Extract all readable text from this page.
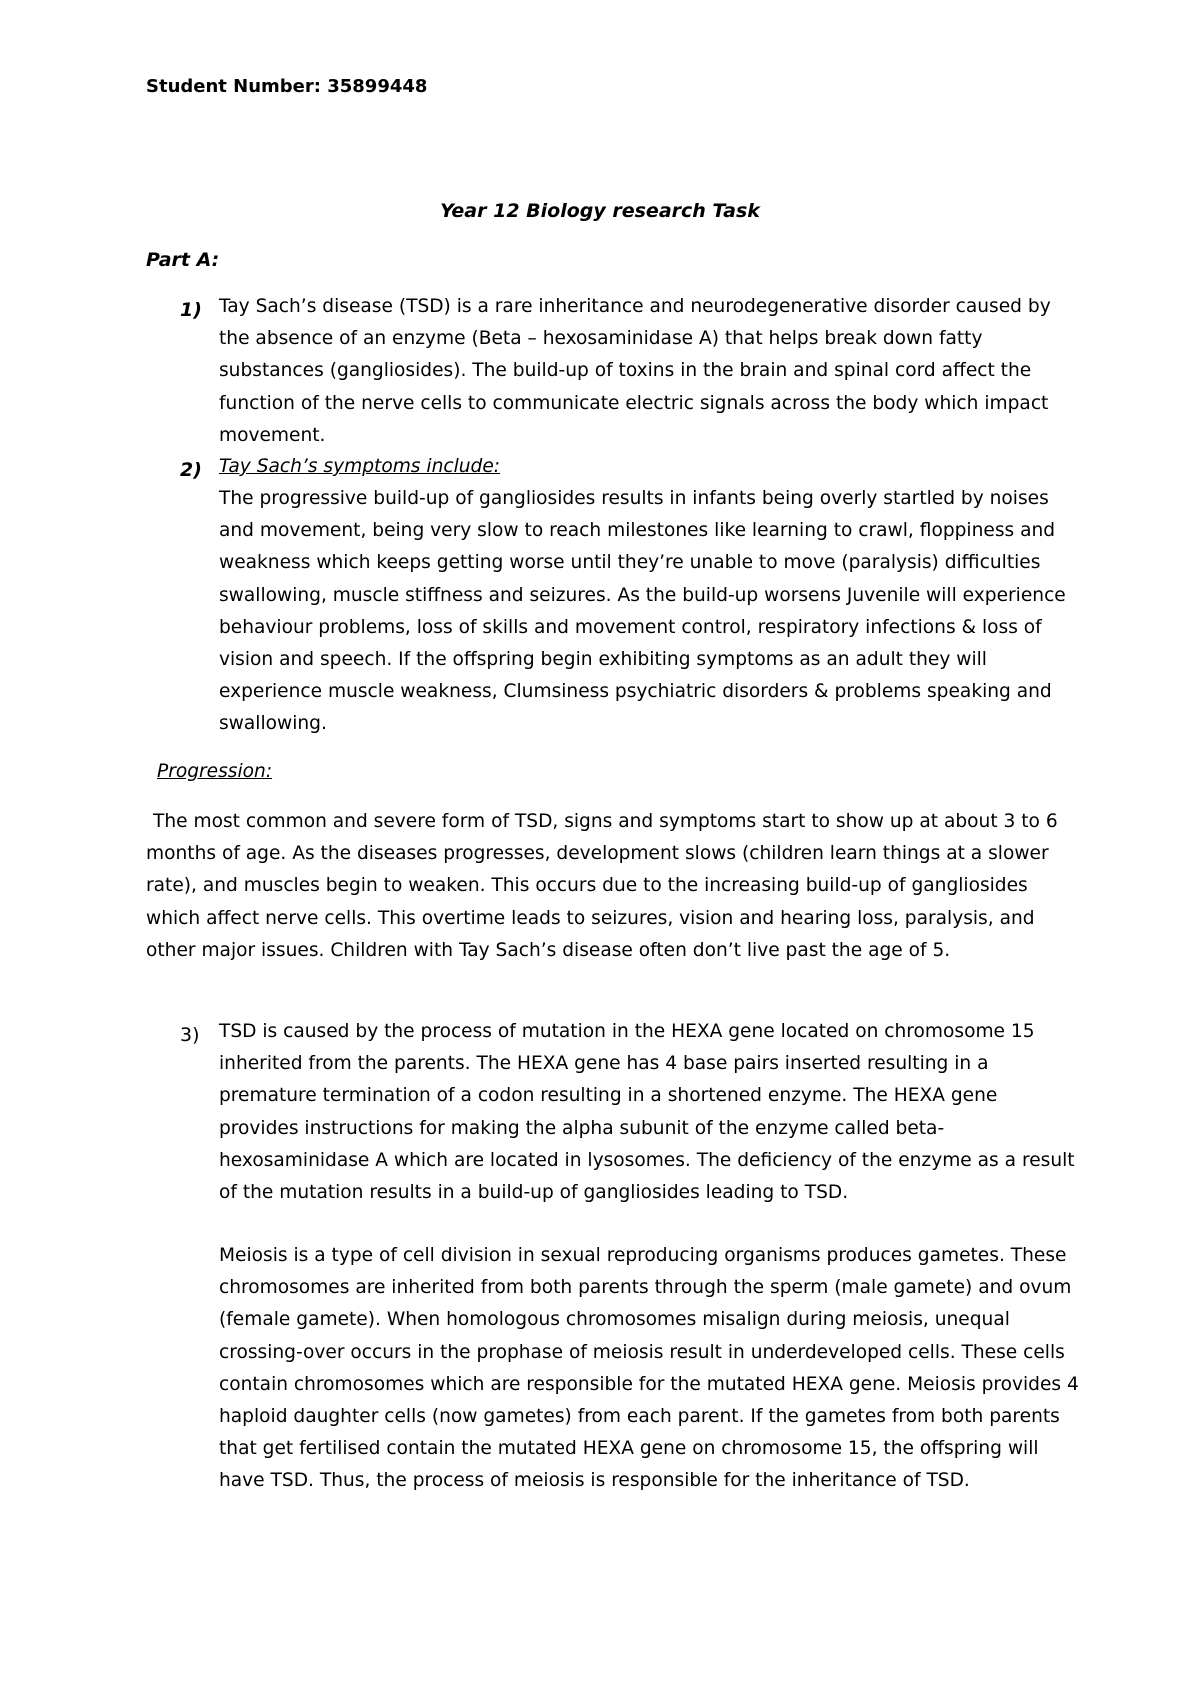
Student Number: 35899448

Year 12 Biology research Task

Part A:

1) Tay Sach’s disease (TSD) is a rare inheritance and neurodegenerative disorder caused by the absence of an enzyme (Beta – hexosaminidase A) that helps break down fatty substances (gangliosides). The build-up of toxins in the brain and spinal cord affect the function of the nerve cells to communicate electric signals across the body which impact movement.

2) Tay Sach’s symptoms include:

The progressive build-up of gangliosides results in infants being overly startled by noises and movement, being very slow to reach milestones like learning to crawl, floppiness and weakness which keeps getting worse until they’re unable to move (paralysis) difficulties swallowing, muscle stiffness and seizures. As the build-up worsens Juvenile will experience behaviour problems, loss of skills and movement control, respiratory infections & loss of vision and speech. If the offspring begin exhibiting symptoms as an adult they will experience muscle weakness, Clumsiness psychiatric disorders & problems speaking and swallowing.

Progression:

The most common and severe form of TSD, signs and symptoms start to show up at about 3 to 6 months of age. As the diseases progresses, development slows (children learn things at a slower rate), and muscles begin to weaken. This occurs due to the increasing build-up of gangliosides which affect nerve cells. This overtime leads to seizures, vision and hearing loss, paralysis, and other major issues. Children with Tay Sach’s disease often don’t live past the age of 5.

3) TSD is caused by the process of mutation in the HEXA gene located on chromosome 15 inherited from the parents. The HEXA gene has 4 base pairs inserted resulting in a premature termination of a codon resulting in a shortened enzyme. The HEXA gene provides instructions for making the alpha subunit of the enzyme called beta-hexosaminidase A which are located in lysosomes. The deficiency of the enzyme as a result of the mutation results in a build-up of gangliosides leading to TSD.

Meiosis is a type of cell division in sexual reproducing organisms produces gametes. These chromosomes are inherited from both parents through the sperm (male gamete) and ovum (female gamete). When homologous chromosomes misalign during meiosis, unequal crossing-over occurs in the prophase of meiosis result in underdeveloped cells. These cells contain chromosomes which are responsible for the mutated HEXA gene. Meiosis provides 4 haploid daughter cells (now gametes) from each parent. If the gametes from both parents that get fertilised contain the mutated HEXA gene on chromosome 15, the offspring will have TSD. Thus, the process of meiosis is responsible for the inheritance of TSD.
